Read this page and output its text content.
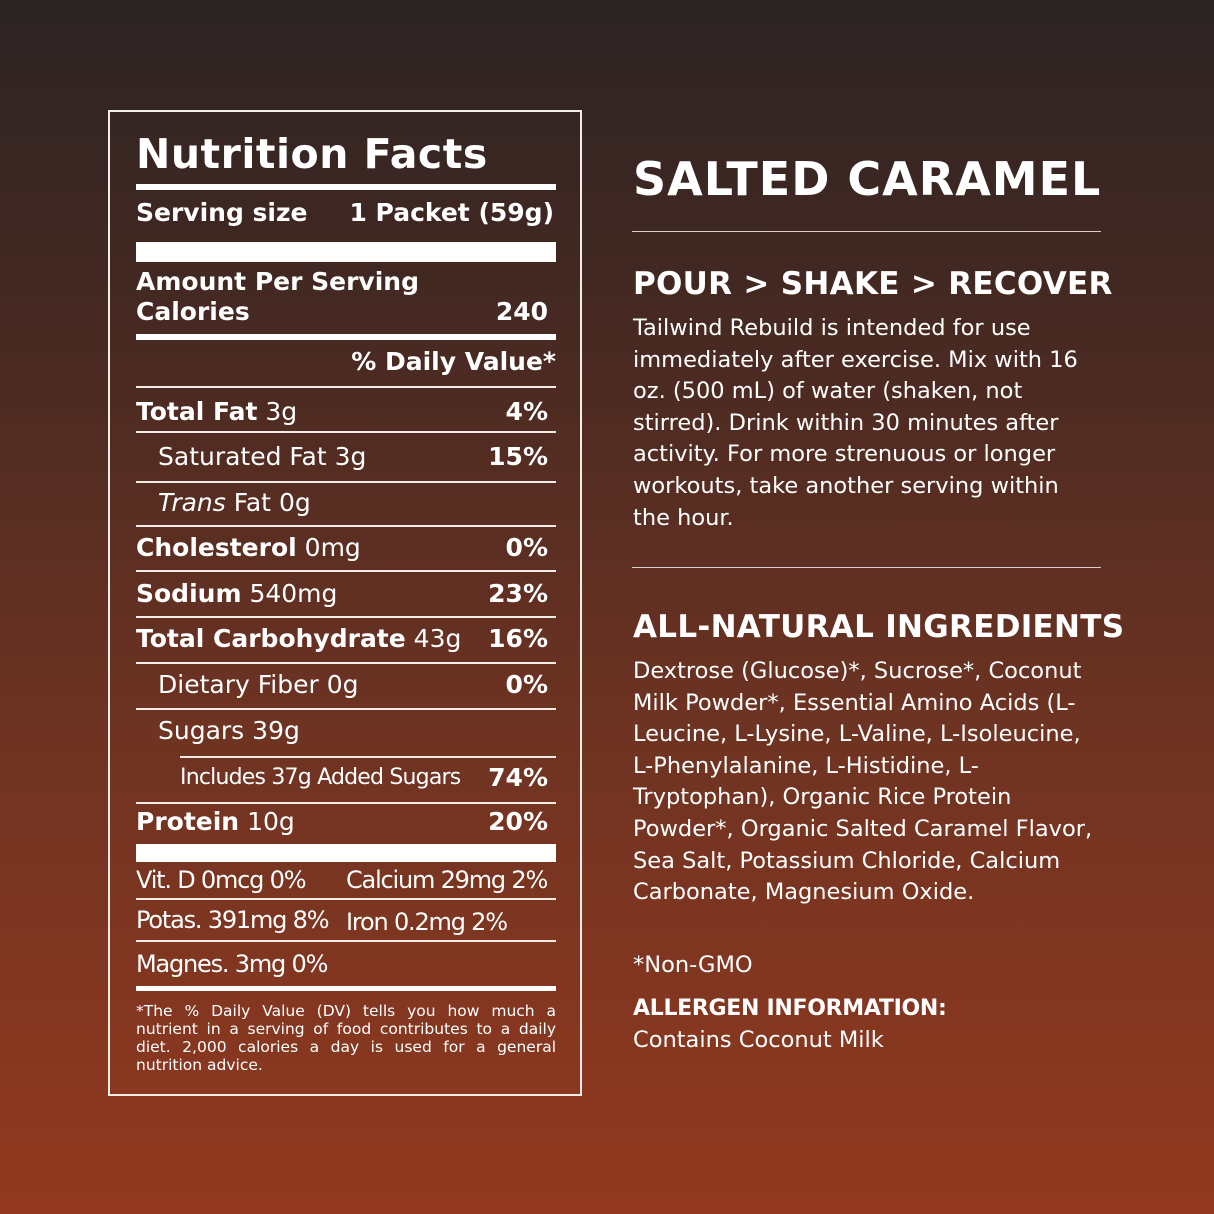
Nutrition Facts
Serving size 1 Packet (59g)
Amount Per Serving
Calories	240
% Daily Value*
Total Fat 3g	4%
Saturated Fat 3g	15%
Trans Fat 0g
Cholesterol 0mg	0%
Sodium 540mg	23%
Total Carbohydrate 43g 16%
Dietary Fiber 0g	0%
Sugars 39g
Includes 37g Added Sugars 74%
Protein 10g	20%
Vit. D 0mcg 0% Calcium 29mg 2%
Potas. 391mg 8% Iron 0.2mg 2%
Magnes. 3mg 0%
*The % Daily Value (DV) tells you how much a nutrient in a serving of food contributes to a daily diet. 2,000 calories a day is used for a general nutrition advice.
SALTED CARAMEL
POUR > SHAKE > RECOVER
Tailwind Rebuild is intended for use immediately after exercise. Mix with 16 oz. (500 mL) of water (shaken, not stirred). Drink within 30 minutes after activity. For more strenuous or longer workouts, take another serving within the hour.
ALL-NATURAL INGREDIENTS
Dextrose (Glucose)*, Sucrose*, Coconut Milk Powder*, Essential Amino Acids (L-Leucine, L-Lysine, L-Valine, L-Isoleucine, L-Phenylalanine, L-Histidine, L-Tryptophan), Organic Rice Protein Powder*, Organic Salted Caramel Flavor, Sea Salt, Potassium Chloride, Calcium Carbonate, Magnesium Oxide.
*Non-GMO
ALLERGEN INFORMATION:
Contains Coconut Milk
